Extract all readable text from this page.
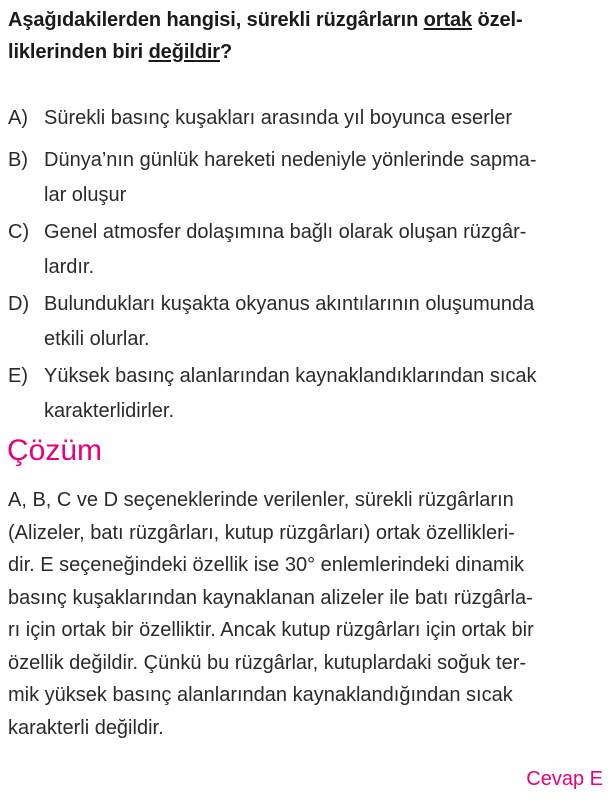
Aşağıdakilerden hangisi, sürekli rüzgârların ortak özel-
liklerinden biri değildir?
A) Sürekli basınç kuşakları arasında yıl boyunca eserler
B) Dünya’nın günlük hareketi nedeniyle yönlerinde sapma-
lar oluşur
C) Genel atmosfer dolaşımına bağlı olarak oluşan rüzgâr-
lardır.
D) Bulundukları kuşakta okyanus akıntılarının oluşumunda
etkili olurlar.
E) Yüksek basınç alanlarından kaynaklandıklarından sıcak
karakterlidirler.
Çözüm
A, B, C ve D seçeneklerinde verilenler, sürekli rüzgârların
(Alizeler, batı rüzgârları, kutup rüzgârları) ortak özellikleri-
dir. E seçeneğindeki özellik ise 30° enlemlerindeki dinamik
basınç kuşaklarından kaynaklanan alizeler ile batı rüzgârla-
rı için ortak bir özelliktir. Ancak kutup rüzgârları için ortak bir
özellik değildir. Çünkü bu rüzgârlar, kutuplardaki soğuk ter-
mik yüksek basınç alanlarından kaynaklandığından sıcak
karakterli değildir.
Cevap E
